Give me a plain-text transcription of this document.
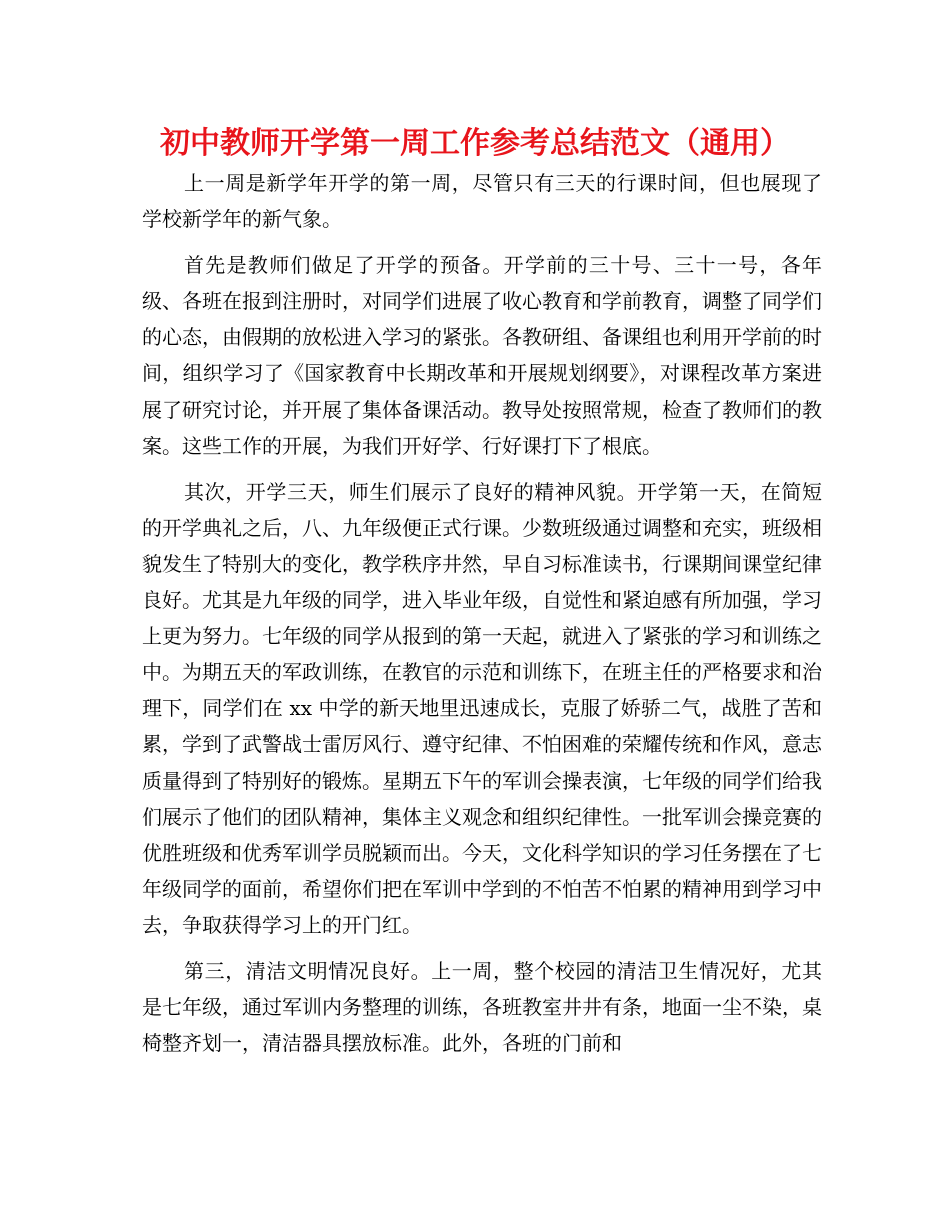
初中教师开学第一周工作参考总结范文（通用）

上一周是新学年开学的第一周，尽管只有三天的行课时间，但也展现了学校新学年的新气象。

首先是教师们做足了开学的预备。开学前的三十号、三十一号，各年级、各班在报到注册时，对同学们进展了收心教育和学前教育，调整了同学们的心态，由假期的放松进入学习的紧张。各教研组、备课组也利用开学前的时间，组织学习了《国家教育中长期改革和开展规划纲要》，对课程改革方案进展了研究讨论，并开展了集体备课活动。教导处按照常规，检查了教师们的教案。这些工作的开展，为我们开好学、行好课打下了根底。

其次，开学三天，师生们展示了良好的精神风貌。开学第一天，在简短的开学典礼之后，八、九年级便正式行课。少数班级通过调整和充实，班级相貌发生了特别大的变化，教学秩序井然，早自习标准读书，行课期间课堂纪律良好。尤其是九年级的同学，进入毕业年级，自觉性和紧迫感有所加强，学习上更为努力。七年级的同学从报到的第一天起，就进入了紧张的学习和训练之中。为期五天的军政训练，在教官的示范和训练下，在班主任的严格要求和治理下，同学们在 xx 中学的新天地里迅速成长，克服了娇骄二气，战胜了苦和累，学到了武警战士雷厉风行、遵守纪律、不怕困难的荣耀传统和作风，意志质量得到了特别好的锻炼。星期五下午的军训会操表演，七年级的同学们给我们展示了他们的团队精神，集体主义观念和组织纪律性。一批军训会操竞赛的优胜班级和优秀军训学员脱颖而出。今天，文化科学知识的学习任务摆在了七年级同学的面前，希望你们把在军训中学到的不怕苦不怕累的精神用到学习中去，争取获得学习上的开门红。

第三，清洁文明情况良好。上一周，整个校园的清洁卫生情况好，尤其是七年级，通过军训内务整理的训练，各班教室井井有条，地面一尘不染，桌椅整齐划一，清洁器具摆放标准。此外，各班的门前和
